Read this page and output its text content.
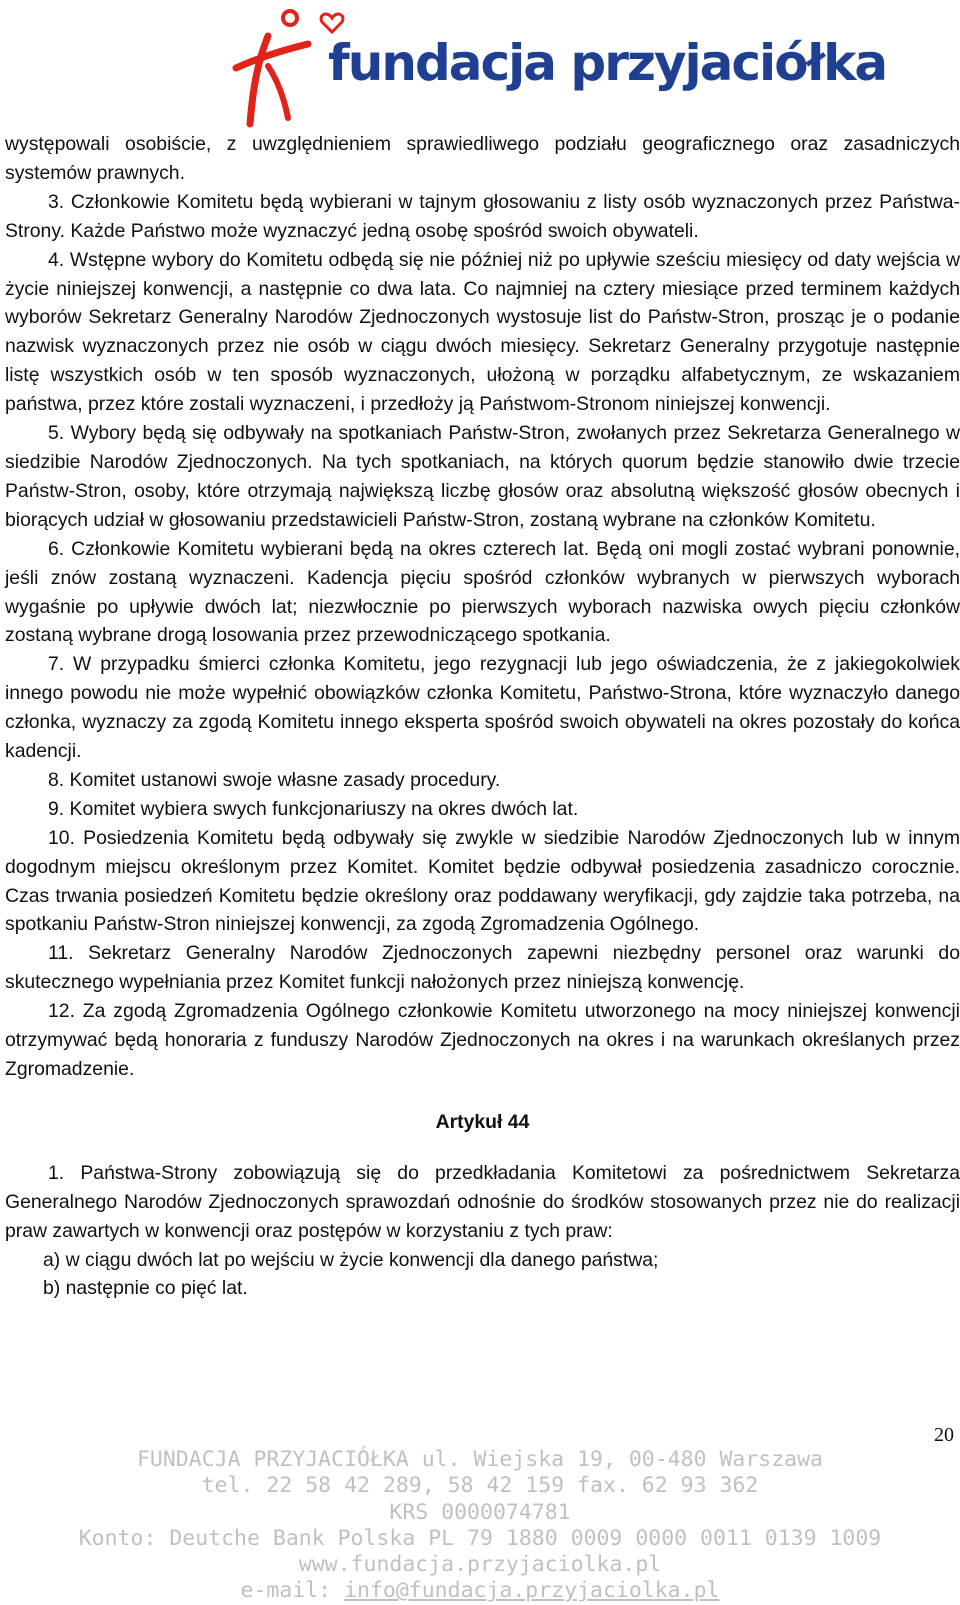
fundacja przyjaciółka

występowali osobiście, z uwzględnieniem sprawiedliwego podziału geograficznego oraz zasadniczych systemów prawnych.

3. Członkowie Komitetu będą wybierani w tajnym głosowaniu z listy osób wyznaczonych przez Państwa-Strony. Każde Państwo może wyznaczyć jedną osobę spośród swoich obywateli.

4. Wstępne wybory do Komitetu odbędą się nie później niż po upływie sześciu miesięcy od daty wejścia w życie niniejszej konwencji, a następnie co dwa lata. Co najmniej na cztery miesiące przed terminem każdych wyborów Sekretarz Generalny Narodów Zjednoczonych wystosuje list do Państw-Stron, prosząc je o podanie nazwisk wyznaczonych przez nie osób w ciągu dwóch miesięcy. Sekretarz Generalny przygotuje następnie listę wszystkich osób w ten sposób wyznaczonych, ułożoną w porządku alfabetycznym, ze wskazaniem państwa, przez które zostali wyznaczeni, i przedłoży ją Państwom-Stronom niniejszej konwencji.

5. Wybory będą się odbywały na spotkaniach Państw-Stron, zwołanych przez Sekretarza Generalnego w siedzibie Narodów Zjednoczonych. Na tych spotkaniach, na których quorum będzie stanowiło dwie trzecie Państw-Stron, osoby, które otrzymają największą liczbę głosów oraz absolutną większość głosów obecnych i biorących udział w głosowaniu przedstawicieli Państw-Stron, zostaną wybrane na członków Komitetu.

6. Członkowie Komitetu wybierani będą na okres czterech lat. Będą oni mogli zostać wybrani ponownie, jeśli znów zostaną wyznaczeni. Kadencja pięciu spośród członków wybranych w pierwszych wyborach wygaśnie po upływie dwóch lat; niezwłocznie po pierwszych wyborach nazwiska owych pięciu członków zostaną wybrane drogą losowania przez przewodniczącego spotkania.

7. W przypadku śmierci członka Komitetu, jego rezygnacji lub jego oświadczenia, że z jakiegokolwiek innego powodu nie może wypełnić obowiązków członka Komitetu, Państwo-Strona, które wyznaczyło danego członka, wyznaczy za zgodą Komitetu innego eksperta spośród swoich obywateli na okres pozostały do końca kadencji.

8. Komitet ustanowi swoje własne zasady procedury.

9. Komitet wybiera swych funkcjonariuszy na okres dwóch lat.

10. Posiedzenia Komitetu będą odbywały się zwykle w siedzibie Narodów Zjednoczonych lub w innym dogodnym miejscu określonym przez Komitet. Komitet będzie odbywał posiedzenia zasadniczo corocznie. Czas trwania posiedzeń Komitetu będzie określony oraz poddawany weryfikacji, gdy zajdzie taka potrzeba, na spotkaniu Państw-Stron niniejszej konwencji, za zgodą Zgromadzenia Ogólnego.

11. Sekretarz Generalny Narodów Zjednoczonych zapewni niezbędny personel oraz warunki do skutecznego wypełniania przez Komitet funkcji nałożonych przez niniejszą konwencję.

12. Za zgodą Zgromadzenia Ogólnego członkowie Komitetu utworzonego na mocy niniejszej konwencji otrzymywać będą honoraria z funduszy Narodów Zjednoczonych na okres i na warunkach określanych przez Zgromadzenie.

Artykuł 44

1. Państwa-Strony zobowiązują się do przedkładania Komitetowi za pośrednictwem Sekretarza Generalnego Narodów Zjednoczonych sprawozdań odnośnie do środków stosowanych przez nie do realizacji praw zawartych w konwencji oraz postępów w korzystaniu z tych praw:

a) w ciągu dwóch lat po wejściu w życie konwencji dla danego państwa;

b) następnie co pięć lat.

20
FUNDACJA PRZYJACIÓŁKA ul. Wiejska 19, 00-480 Warszawa
tel. 22 58 42 289, 58 42 159 fax. 62 93 362
KRS 0000074781
Konto: Deutche Bank Polska PL 79 1880 0009 0000 0011 0139 1009
www.fundacja.przyjaciolka.pl
e-mail: info@fundacja.przyjaciolka.pl
